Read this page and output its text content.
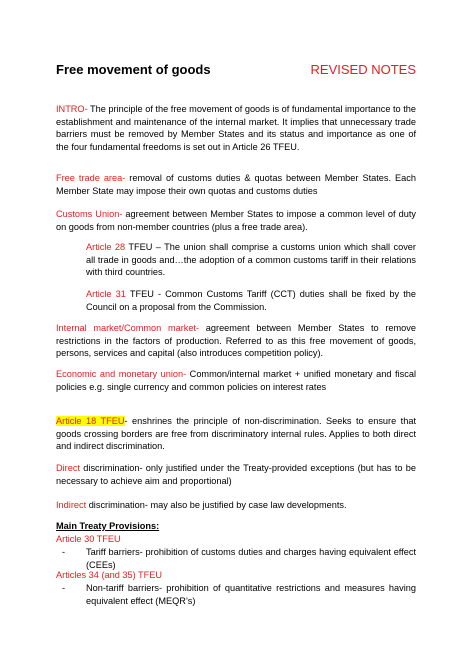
Free movement of goods	REVISED NOTES
INTRO- The principle of the free movement of goods is of fundamental importance to the establishment and maintenance of the internal market. It implies that unnecessary trade barriers must be removed by Member States and its status and importance as one of the four fundamental freedoms is set out in Article 26 TFEU.
Free trade area- removal of customs duties & quotas between Member States. Each Member State may impose their own quotas and customs duties
Customs Union- agreement between Member States to impose a common level of duty on goods from non-member countries (plus a free trade area).
Article 28 TFEU – The union shall comprise a customs union which shall cover all trade in goods and…the adoption of a common customs tariff in their relations with third countries.
Article 31 TFEU - Common Customs Tariff (CCT) duties shall be fixed by the Council on a proposal from the Commission.
Internal market/Common market- agreement between Member States to remove restrictions in the factors of production. Referred to as this free movement of goods, persons, services and capital (also introduces competition policy).
Economic and monetary union- Common/internal market + unified monetary and fiscal policies e.g. single currency and common policies on interest rates
Article 18 TFEU- enshrines the principle of non-discrimination. Seeks to ensure that goods crossing borders are free from discriminatory internal rules. Applies to both direct and indirect discrimination.
Direct discrimination- only justified under the Treaty-provided exceptions (but has to be necessary to achieve aim and proportional)
Indirect discrimination- may also be justified by case law developments.
Main Treaty Provisions:
Article 30 TFEU
- Tariff barriers- prohibition of customs duties and charges having equivalent effect (CEEs)
Articles 34 (and 35) TFEU
- Non-tariff barriers- prohibition of quantitative restrictions and measures having equivalent effect (MEQR’s)
